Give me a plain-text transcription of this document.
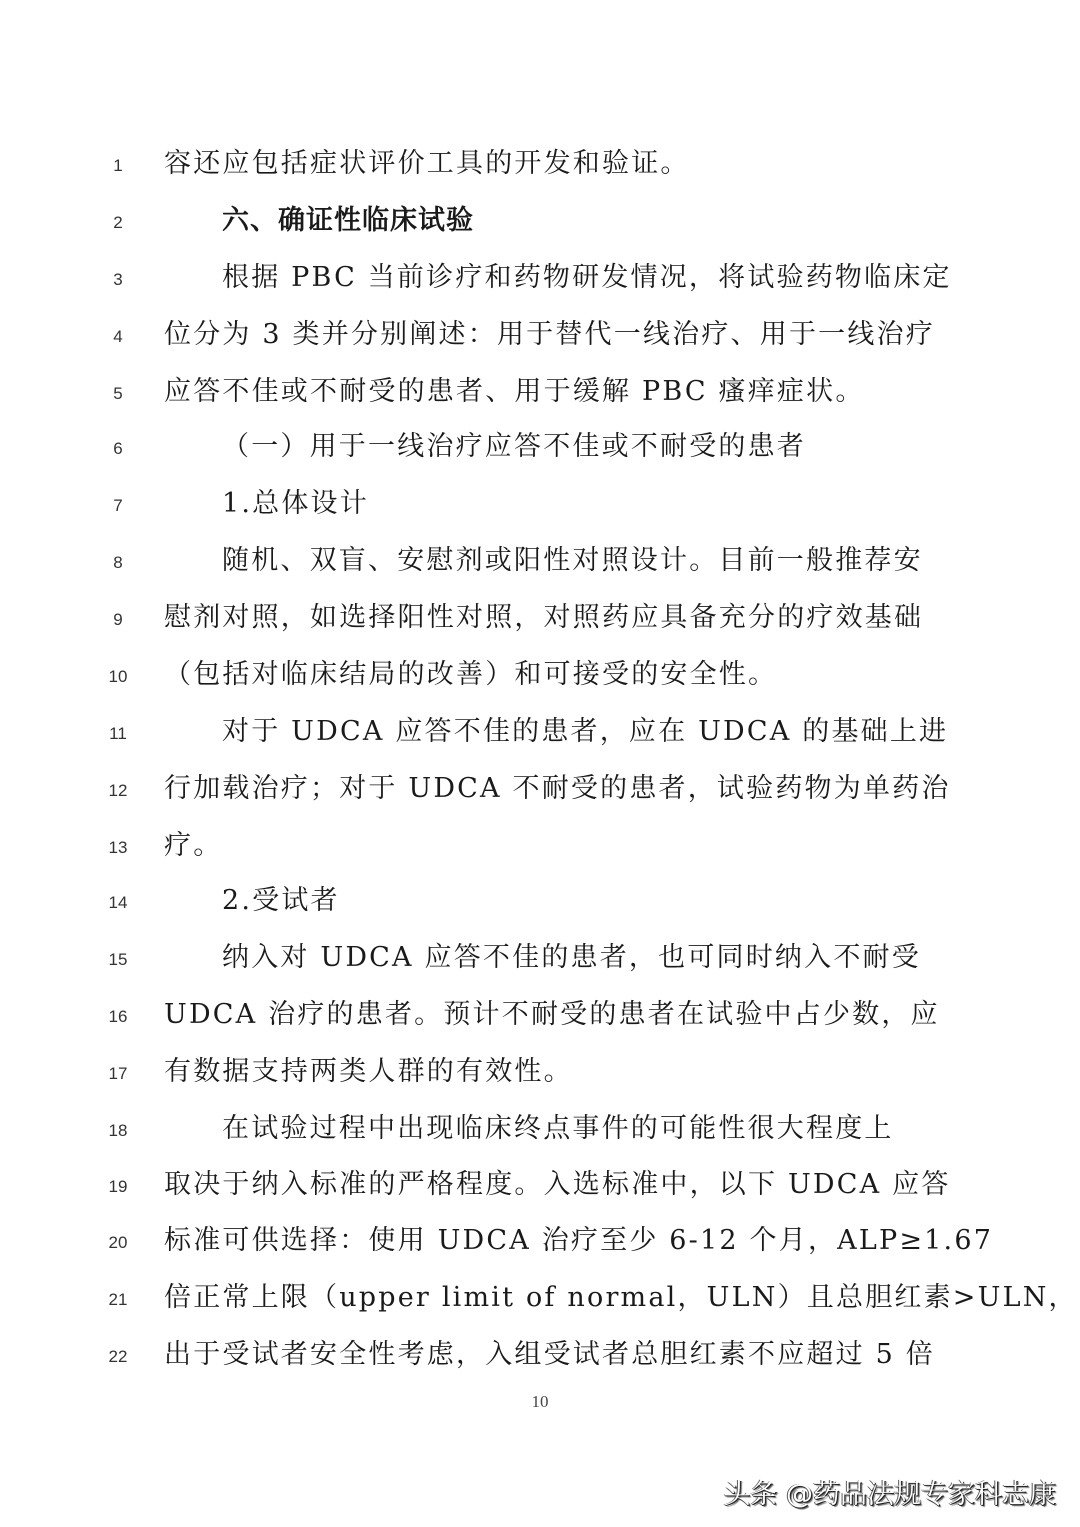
1	容还应包括症状评价工具的开发和验证。
2	六、确证性临床试验
3	根据 PBC 当前诊疗和药物研发情况，将试验药物临床定
4	位分为 3 类并分别阐述：用于替代一线治疗、用于一线治疗
5	应答不佳或不耐受的患者、用于缓解 PBC 瘙痒症状。
6	（一）用于一线治疗应答不佳或不耐受的患者
7	1.总体设计
8	随机、双盲、安慰剂或阳性对照设计。目前一般推荐安
9	慰剂对照，如选择阳性对照，对照药应具备充分的疗效基础
10	（包括对临床结局的改善）和可接受的安全性。
11	对于 UDCA 应答不佳的患者，应在 UDCA 的基础上进
12	行加载治疗；对于 UDCA 不耐受的患者，试验药物为单药治
13	疗。
14	2.受试者
15	纳入对 UDCA 应答不佳的患者，也可同时纳入不耐受
16	UDCA 治疗的患者。预计不耐受的患者在试验中占少数，应
17	有数据支持两类人群的有效性。
18	在试验过程中出现临床终点事件的可能性很大程度上
19	取决于纳入标准的严格程度。入选标准中，以下 UDCA 应答
20	标准可供选择：使用 UDCA 治疗至少 6-12 个月，ALP≥1.67
21	倍正常上限（upper limit of normal，ULN）且总胆红素>ULN，
22	出于受试者安全性考虑，入组受试者总胆红素不应超过 5 倍
10
头条 @药品法规专家科志康
